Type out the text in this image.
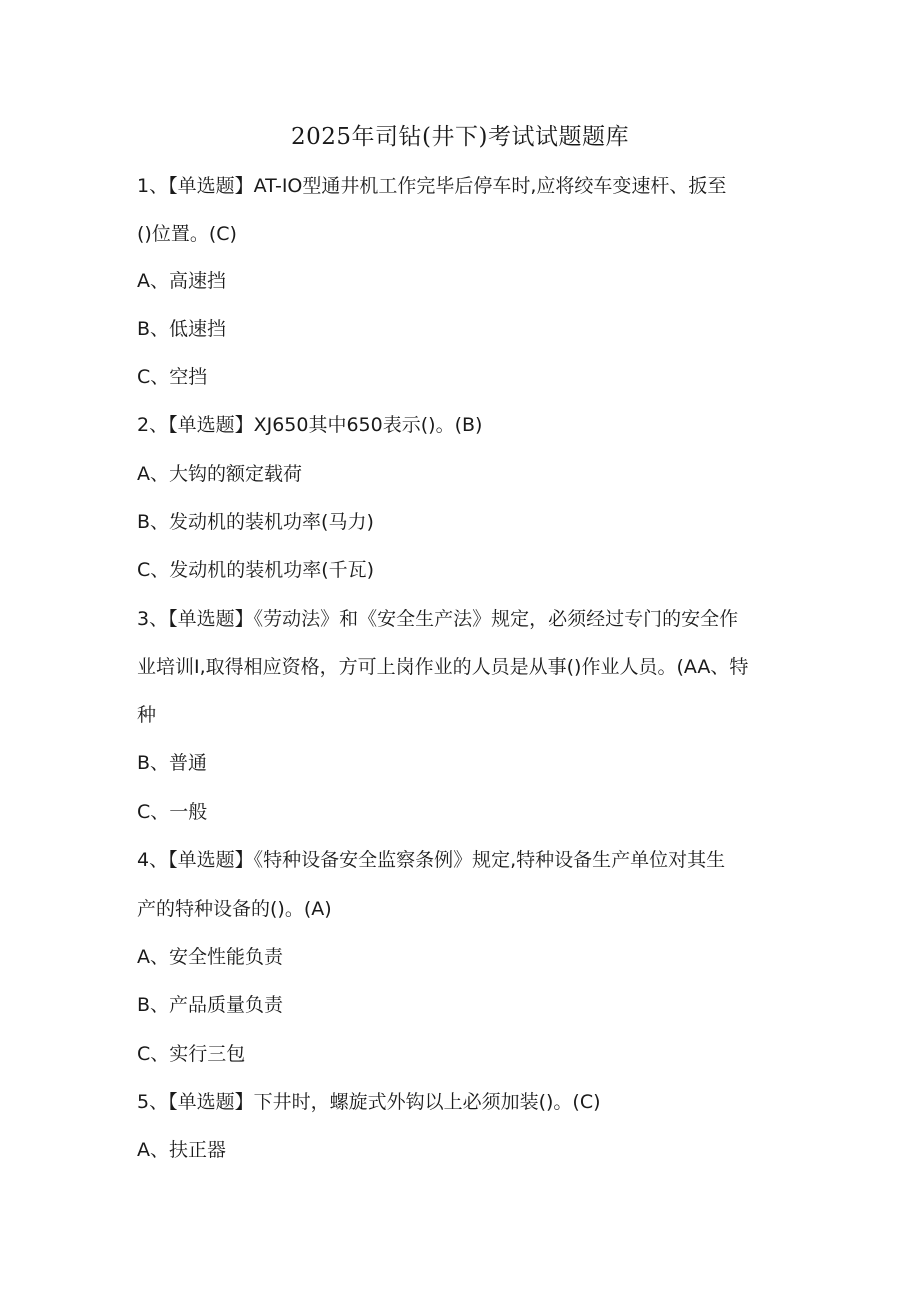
2025年司钻(井下)考试试题题库
1、【单选题】AT-IO型通井机工作完毕后停车时,应将绞车变速杆、扳至
()位置。(C)
A、高速挡
B、低速挡
C、空挡
2、【单选题】XJ650其中650表示()。(B)
A、大钩的额定载荷
B、发动机的装机功率(马力)
C、发动机的装机功率(千瓦)
3、【单选题】《劳动法》和《安全生产法》规定，必须经过专门的安全作
业培训I,取得相应资格，方可上岗作业的人员是从事()作业人员。(AA、特
种
B、普通
C、一般
4、【单选题】《特种设备安全监察条例》规定,特种设备生产单位对其生
产的特种设备的()。(A)
A、安全性能负责
B、产品质量负责
C、实行三包
5、【单选题】下井时，螺旋式外钩以上必须加装()。(C)
A、扶正器
